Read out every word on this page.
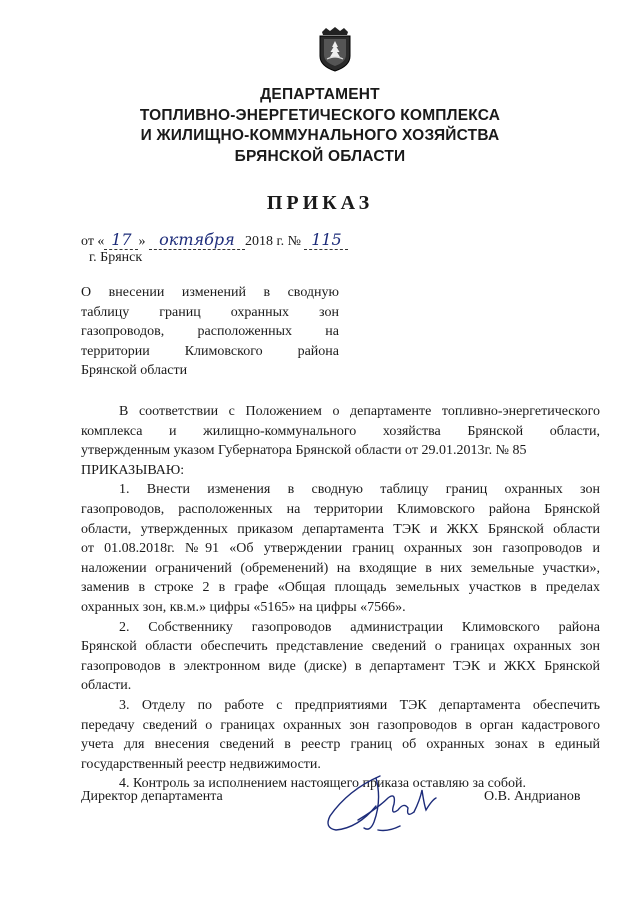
ДЕПАРТАМЕНТ
ТОПЛИВНО-ЭНЕРГЕТИЧЕСКОГО КОМПЛЕКСА
И ЖИЛИЩНО-КОММУНАЛЬНОГО ХОЗЯЙСТВА
БРЯНСКОЙ ОБЛАСТИ
ПРИКАЗ
от « 17 » октября 2018 г. № 115
г. Брянск
О внесении изменений в сводную
таблицу границ охранных зон
газопроводов, расположенных на
территории Климовского района
Брянской области
В соответствии с Положением о департаменте топливно-энергетического
комплекса и жилищно-коммунального хозяйства Брянской области,
утвержденным указом Губернатора Брянской области от 29.01.2013г. № 85
ПРИКАЗЫВАЮ:
1. Внести изменения в сводную таблицу границ охранных зон
газопроводов, расположенных на территории Климовского района Брянской
области, утвержденных приказом департамента ТЭК и ЖКХ Брянской области
от 01.08.2018г. №91 «Об утверждении границ охранных зон газопроводов и
наложении ограничений (обременений) на входящие в них земельные участки»,
заменив в строке 2 в графе «Общая площадь земельных участков в пределах
охранных зон, кв.м.» цифры «5165» на цифры «7566».
2. Собственнику газопроводов администрации Климовского района
Брянской области обеспечить представление сведений о границах охранных зон
газопроводов в электронном виде (диске) в департамент ТЭК и ЖКХ Брянской
области.
3. Отделу по работе с предприятиями ТЭК департамента обеспечить
передачу сведений о границах охранных зон газопроводов в орган кадастрового
учета для внесения сведений в реестр границ об охранных зонах в единый
государственный реестр недвижимости.
4. Контроль за исполнением настоящего приказа оставляю за собой.
Директор департамента	О.В. Андрианов
